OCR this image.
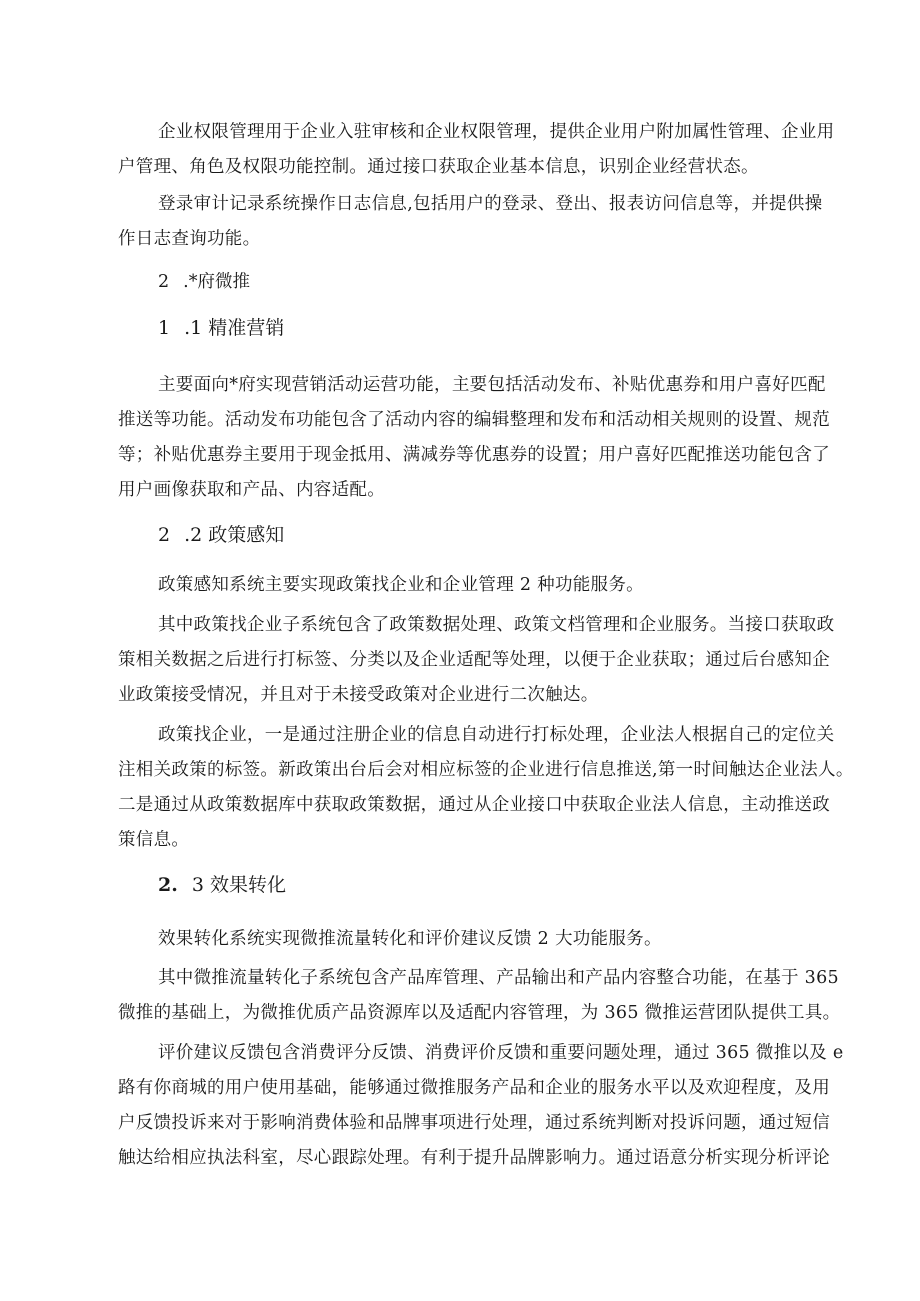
企业权限管理用于企业入驻审核和企业权限管理，提供企业用户附加属性管理、企业用

户管理、角色及权限功能控制。通过接口获取企业基本信息，识别企业经营状态。

登录审计记录系统操作日志信息,包括用户的登录、登出、报表访问信息等，并提供操

作日志查询功能。

2 .*府微推

1 .1 精准营销

主要面向*府实现营销活动运营功能，主要包括活动发布、补贴优惠券和用户喜好匹配

推送等功能。活动发布功能包含了活动内容的编辑整理和发布和活动相关规则的设置、规范

等；补贴优惠券主要用于现金抵用、满减券等优惠券的设置；用户喜好匹配推送功能包含了

用户画像获取和产品、内容适配。

2 .2 政策感知

政策感知系统主要实现政策找企业和企业管理 2 种功能服务。

其中政策找企业子系统包含了政策数据处理、政策文档管理和企业服务。当接口获取政

策相关数据之后进行打标签、分类以及企业适配等处理，以便于企业获取；通过后台感知企

业政策接受情况，并且对于未接受政策对企业进行二次触达。

政策找企业，一是通过注册企业的信息自动进行打标处理，企业法人根据自己的定位关

注相关政策的标签。新政策出台后会对相应标签的企业进行信息推送,第一时间触达企业法人。

二是通过从政策数据库中获取政策数据，通过从企业接口中获取企业法人信息，主动推送政

策信息。

2. 3 效果转化

效果转化系统实现微推流量转化和评价建议反馈 2 大功能服务。

其中微推流量转化子系统包含产品库管理、产品输出和产品内容整合功能，在基于 365

微推的基础上，为微推优质产品资源库以及适配内容管理，为 365 微推运营团队提供工具。

评价建议反馈包含消费评分反馈、消费评价反馈和重要问题处理，通过 365 微推以及 e

路有你商城的用户使用基础，能够通过微推服务产品和企业的服务水平以及欢迎程度，及用

户反馈投诉来对于影响消费体验和品牌事项进行处理，通过系统判断对投诉问题，通过短信

触达给相应执法科室，尽心跟踪处理。有利于提升品牌影响力。通过语意分析实现分析评论
